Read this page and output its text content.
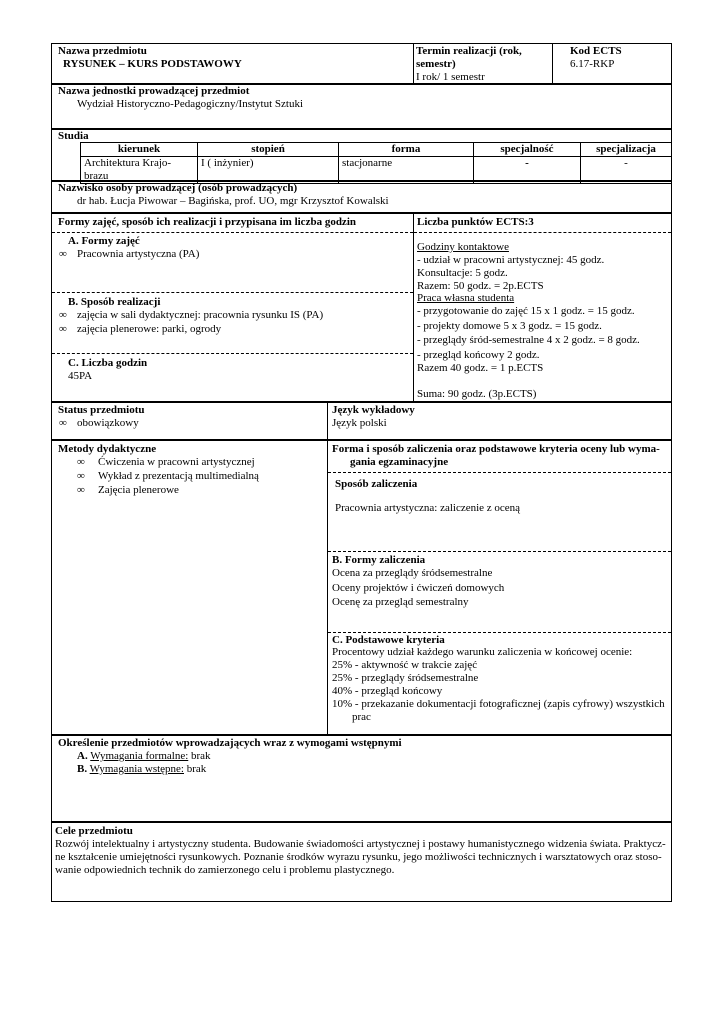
Nazwa przedmiotu
RYSUNEK – KURS PODSTAWOWY
Termin realizacji (rok,
semestr)
I rok/ 1 semestr
Kod ECTS
6.17-RKP
Nazwa jednostki prowadzącej przedmiot
Wydział Historyczno-Pedagogiczny/Instytut Sztuki
Studia
kierunek	stopień	forma	specjalność	specjalizacja

Architektura Krajo-
brazu	I ( inżynier)	stacjonarne	-	-
Nazwisko osoby prowadzącej (osób prowadzących)
dr hab. Łucja Piwowar – Bagińska, prof. UO, mgr Krzysztof Kowalski
Formy zajęć, sposób ich realizacji i przypisana im liczba godzin
A. Formy zajęć
∞ Pracownia artystyczna (PA)
B. Sposób realizacji
∞ zajęcia w sali dydaktycznej: pracownia rysunku IS (PA)
∞ zajęcia plenerowe: parki, ogrody
C. Liczba godzin
45PA
Liczba punktów ECTS:3
Godziny kontaktowe
- udział w pracowni artystycznej: 45 godz.
Konsultacje: 5 godz.
Razem: 50 godz. = 2p.ECTS
Praca własna studenta
- przygotowanie do zajęć 15 x 1 godz. = 15 godz.
- projekty domowe 5 x 3 godz. = 15 godz.
- przeglądy śród-semestralne 4 x 2 godz. = 8 godz.
- przegląd końcowy 2 godz.
Razem 40 godz. = 1 p.ECTS
Suma: 90 godz. (3p.ECTS)
Status przedmiotu
∞ obowiązkowy
Język wykładowy
Język polski
Metody dydaktyczne
∞ Ćwiczenia w pracowni artystycznej
∞ Wykład z prezentacją multimedialną
∞ Zajęcia plenerowe
Forma i sposób zaliczenia oraz podstawowe kryteria oceny lub wyma-
gania egzaminacyjne
Sposób zaliczenia
Pracownia artystyczna: zaliczenie z oceną
B. Formy zaliczenia
Ocena za przeglądy śródsemestralne
Oceny projektów i ćwiczeń domowych
Ocenę za przegląd semestralny
C. Podstawowe kryteria
Procentowy udział każdego warunku zaliczenia w końcowej ocenie:
25% - aktywność w trakcie zajęć
25% - przeglądy śródsemestralne
40% - przegląd końcowy
10% - przekazanie dokumentacji fotograficznej (zapis cyfrowy) wszystkich
prac
Określenie przedmiotów wprowadzających wraz z wymogami wstępnymi
A. Wymagania formalne: brak
B. Wymagania wstępne: brak
Cele przedmiotu
Rozwój intelektualny i artystyczny studenta. Budowanie świadomości artystycznej i postawy humanistycznego widzenia świata. Praktycz-
ne kształcenie umiejętności rysunkowych. Poznanie środków wyrazu rysunku, jego możliwości technicznych i warsztatowych oraz stoso-
wanie odpowiednich technik do zamierzonego celu i problemu plastycznego.
